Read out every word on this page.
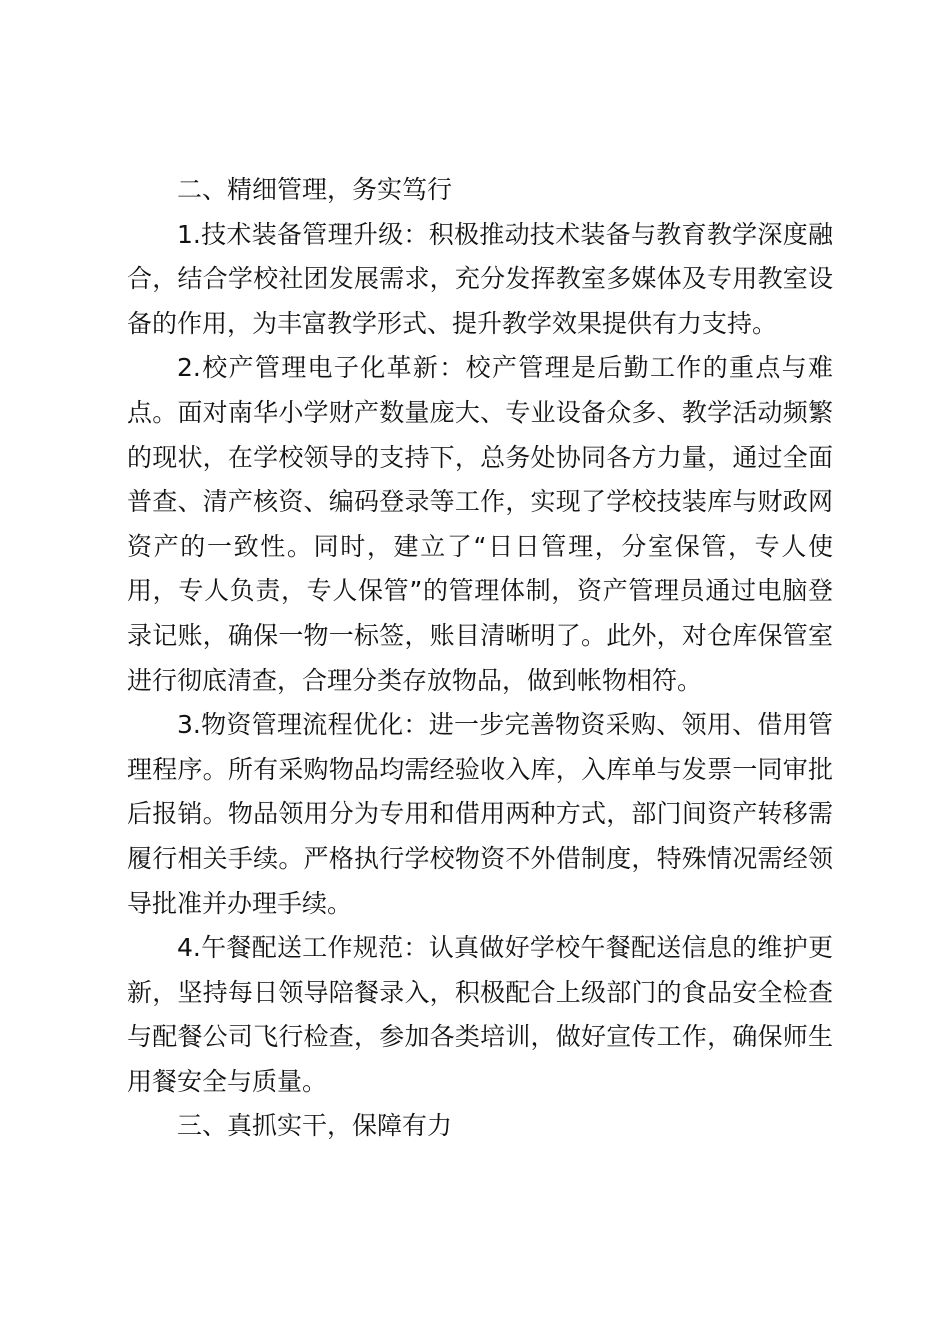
二、精细管理，务实笃行

1.技术装备管理升级：积极推动技术装备与教育教学深度融合，结合学校社团发展需求，充分发挥教室多媒体及专用教室设备的作用，为丰富教学形式、提升教学效果提供有力支持。

2.校产管理电子化革新：校产管理是后勤工作的重点与难点。面对南华小学财产数量庞大、专业设备众多、教学活动频繁的现状，在学校领导的支持下，总务处协同各方力量，通过全面普查、清产核资、编码登录等工作，实现了学校技装库与财政网资产的一致性。同时，建立了“日日管理，分室保管，专人使用，专人负责，专人保管”的管理体制，资产管理员通过电脑登录记账，确保一物一标签，账目清晰明了。此外，对仓库保管室进行彻底清查，合理分类存放物品，做到帐物相符。

3.物资管理流程优化：进一步完善物资采购、领用、借用管理程序。所有采购物品均需经验收入库，入库单与发票一同审批后报销。物品领用分为专用和借用两种方式，部门间资产转移需履行相关手续。严格执行学校物资不外借制度，特殊情况需经领导批准并办理手续。

4.午餐配送工作规范：认真做好学校午餐配送信息的维护更新，坚持每日领导陪餐录入，积极配合上级部门的食品安全检查与配餐公司飞行检查，参加各类培训，做好宣传工作，确保师生用餐安全与质量。

三、真抓实干，保障有力
